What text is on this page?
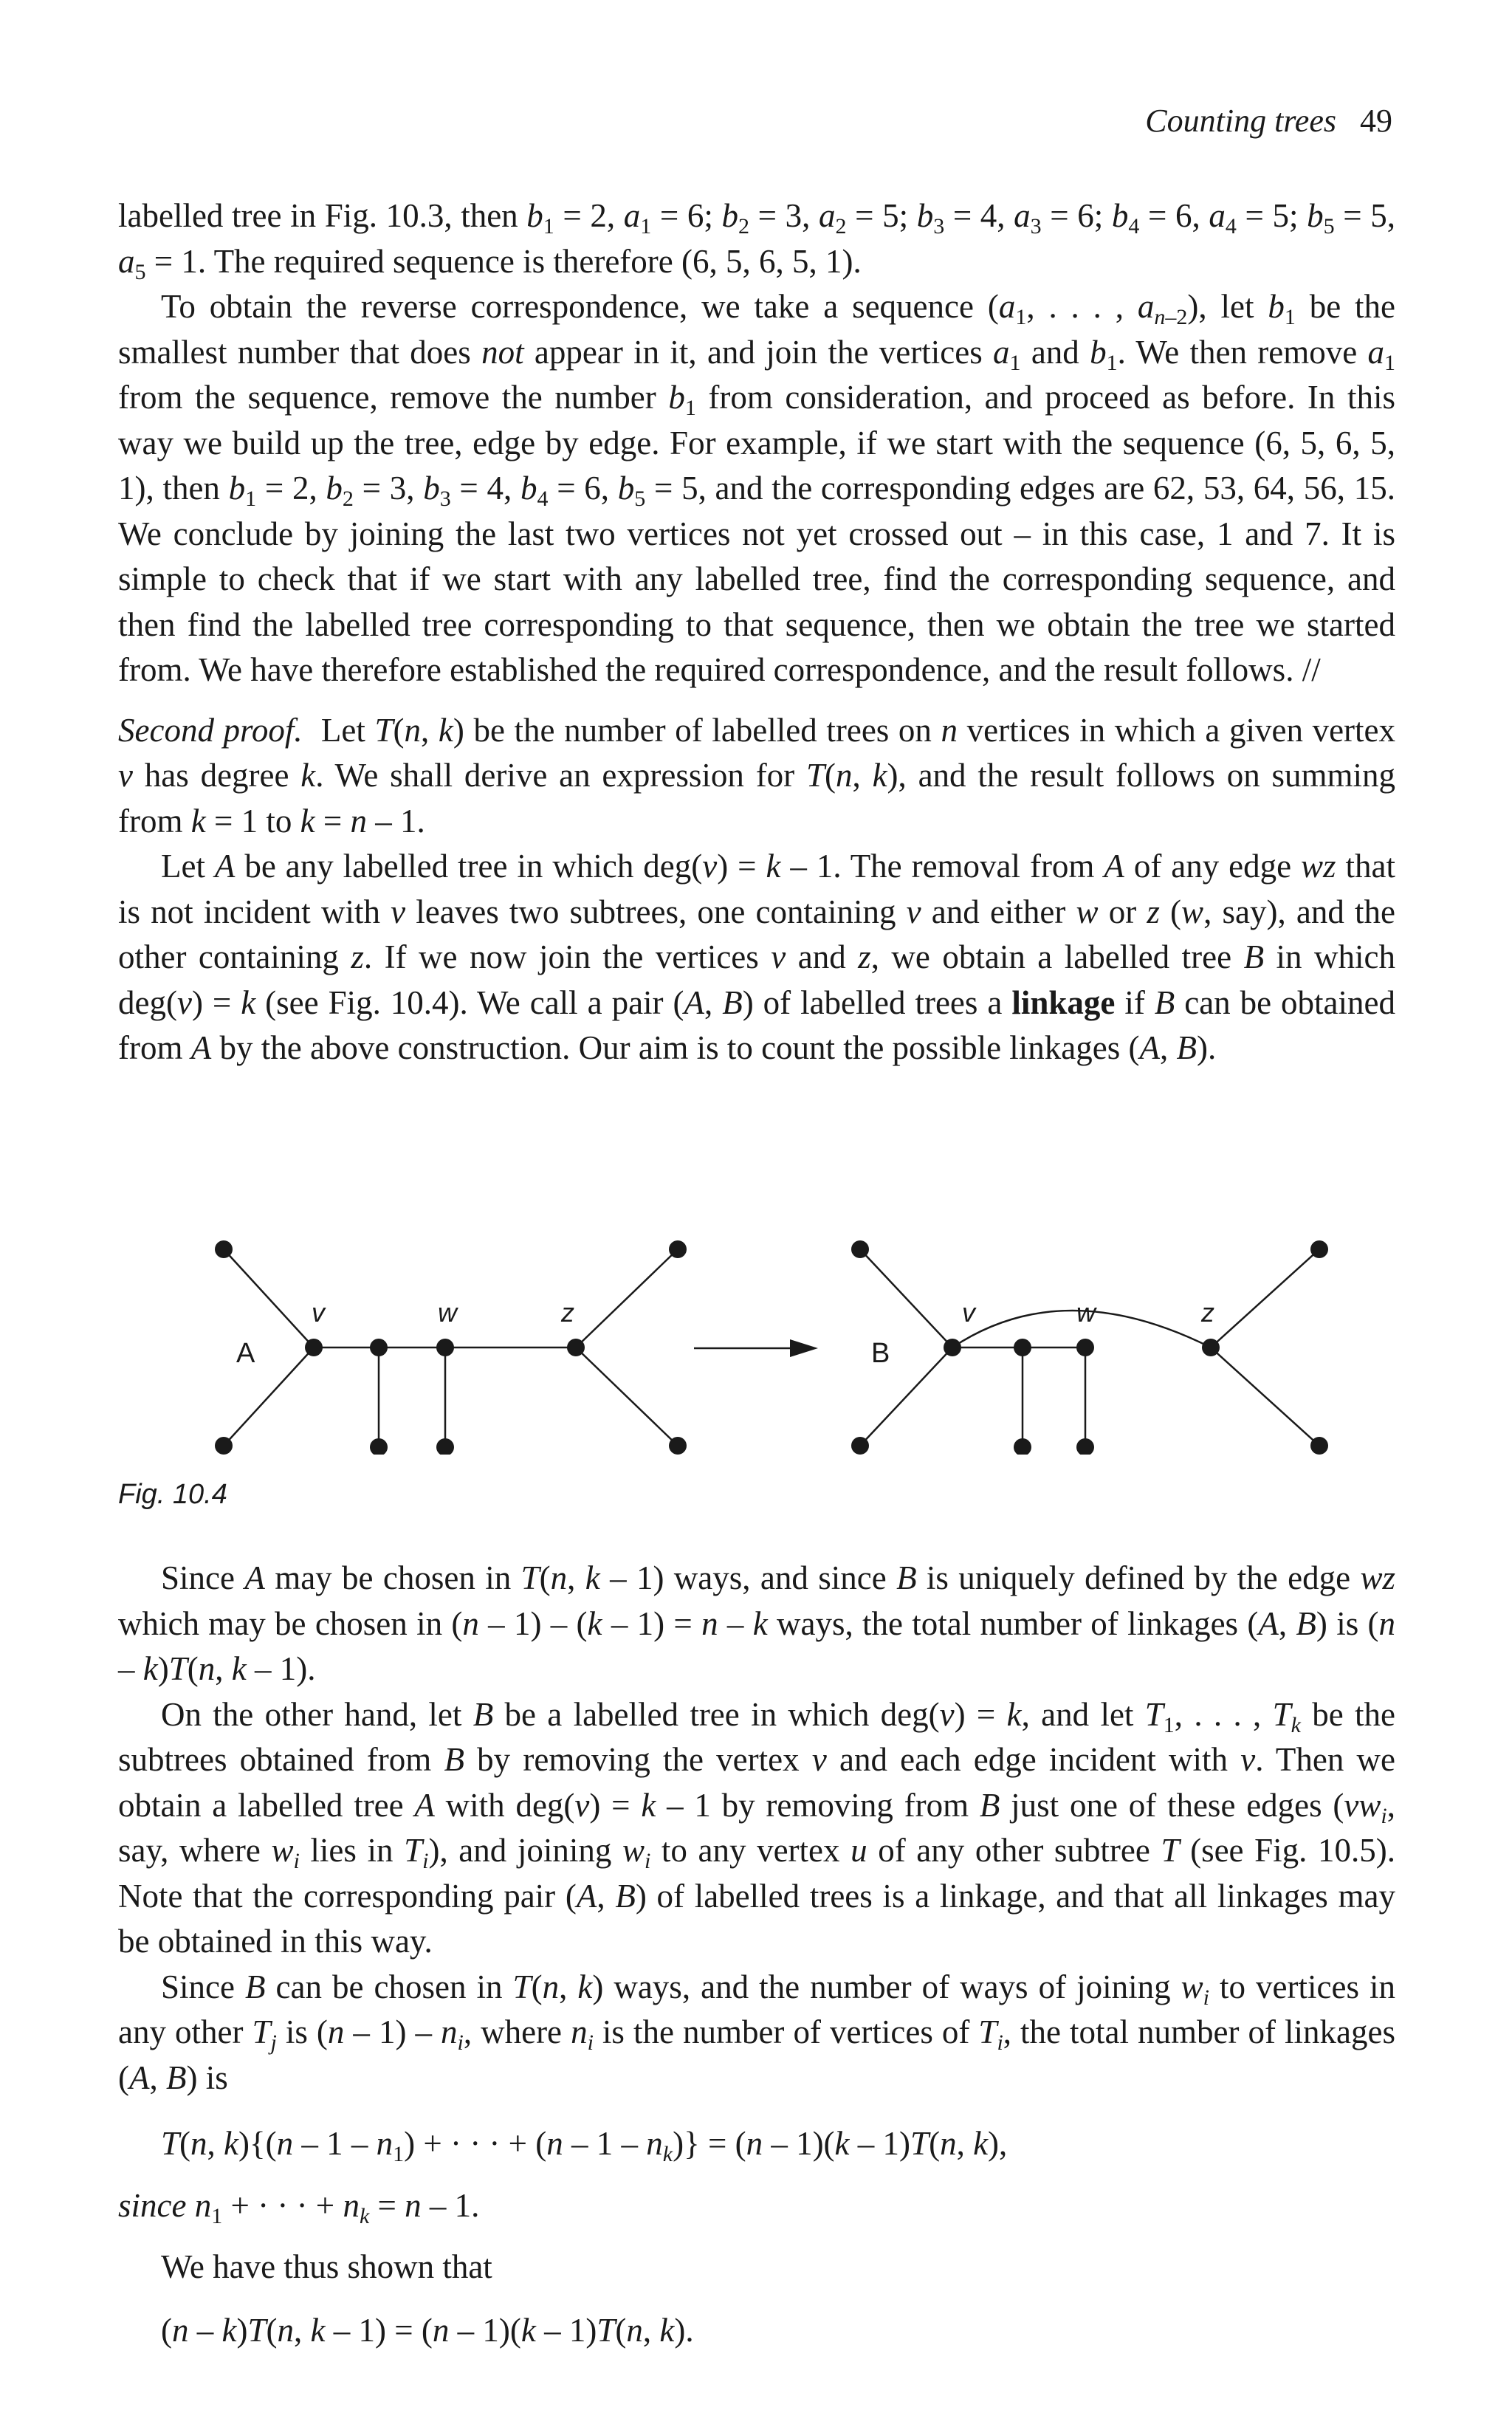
Counting trees 49

labelled tree in Fig. 10.3, then $b_1 = 2$, $a_1 = 6$; $b_2 = 3$, $a_2 = 5$; $b_3 = 4$, $a_3 = 6$; $b_4 = 6$, $a_4 = 5$; $b_5 = 5$, $a_5 = 1$. The required sequence is therefore (6, 5, 6, 5, 1).

To obtain the reverse correspondence, we take a sequence ($a_1$, . . . , $a_{n-2}$), let $b_1$ be the smallest number that does not appear in it, and join the vertices $a_1$ and $b_1$. We then remove $a_1$ from the sequence, remove the number $b_1$ from consideration, and proceed as before. In this way we build up the tree, edge by edge. For example, if we start with the sequence (6, 5, 6, 5, 1), then $b_1 = 2$, $b_2 = 3$, $b_3 = 4$, $b_4 = 6$, $b_5 = 5$, and the corresponding edges are 62, 53, 64, 56, 15. We conclude by joining the last two vertices not yet crossed out – in this case, 1 and 7. It is simple to check that if we start with any labelled tree, find the corresponding sequence, and then find the labelled tree corresponding to that sequence, then we obtain the tree we started from. We have therefore established the required correspondence, and the result follows. //

Second proof.  Let T(n, k) be the number of labelled trees on n vertices in which a given vertex v has degree k. We shall derive an expression for T(n, k), and the result follows on summing from k = 1 to k = n – 1.

Let A be any labelled tree in which deg(v) = k – 1. The removal from A of any edge wz that is not incident with v leaves two subtrees, one containing v and either w or z (w, say), and the other containing z. If we now join the vertices v and z, we obtain a labelled tree B in which deg(v) = k (see Fig. 10.4). We call a pair (A, B) of labelled trees a linkage if B can be obtained from A by the above construction. Our aim is to count the possible linkages (A, B).

A
v	w	z
B
v	w	z
Fig. 10.4

Since A may be chosen in T(n, k – 1) ways, and since B is uniquely defined by the edge wz which may be chosen in (n – 1) – (k – 1) = n – k ways, the total number of linkages (A, B) is (n – k)T(n, k – 1).

On the other hand, let B be a labelled tree in which deg(v) = k, and let $T_1$, . . . , $T_k$ be the subtrees obtained from B by removing the vertex v and each edge incident with v. Then we obtain a labelled tree A with deg(v) = k – 1 by removing from B just one of these edges ($vw_i$, say, where $w_i$ lies in $T_i$), and joining $w_i$ to any vertex u of any other subtree T (see Fig. 10.5). Note that the corresponding pair (A, B) of labelled trees is a linkage, and that all linkages may be obtained in this way.

Since B can be chosen in T(n, k) ways, and the number of ways of joining $w_i$ to vertices in any other $T_j$ is $(n - 1) - n_i$, where $n_i$ is the number of vertices of $T_i$, the total number of linkages (A, B) is

T(n, $k)\{(n - 1 - n_1)$ + · · · + $(n - 1 - n_k)\} = (n - 1)(k - 1)T(n$, k),

since $n_1$ + · · · + $n_k = n - 1$.

We have thus shown that

(n – k)T(n, k – 1) = (n – 1)(k – 1)T(n, k).
